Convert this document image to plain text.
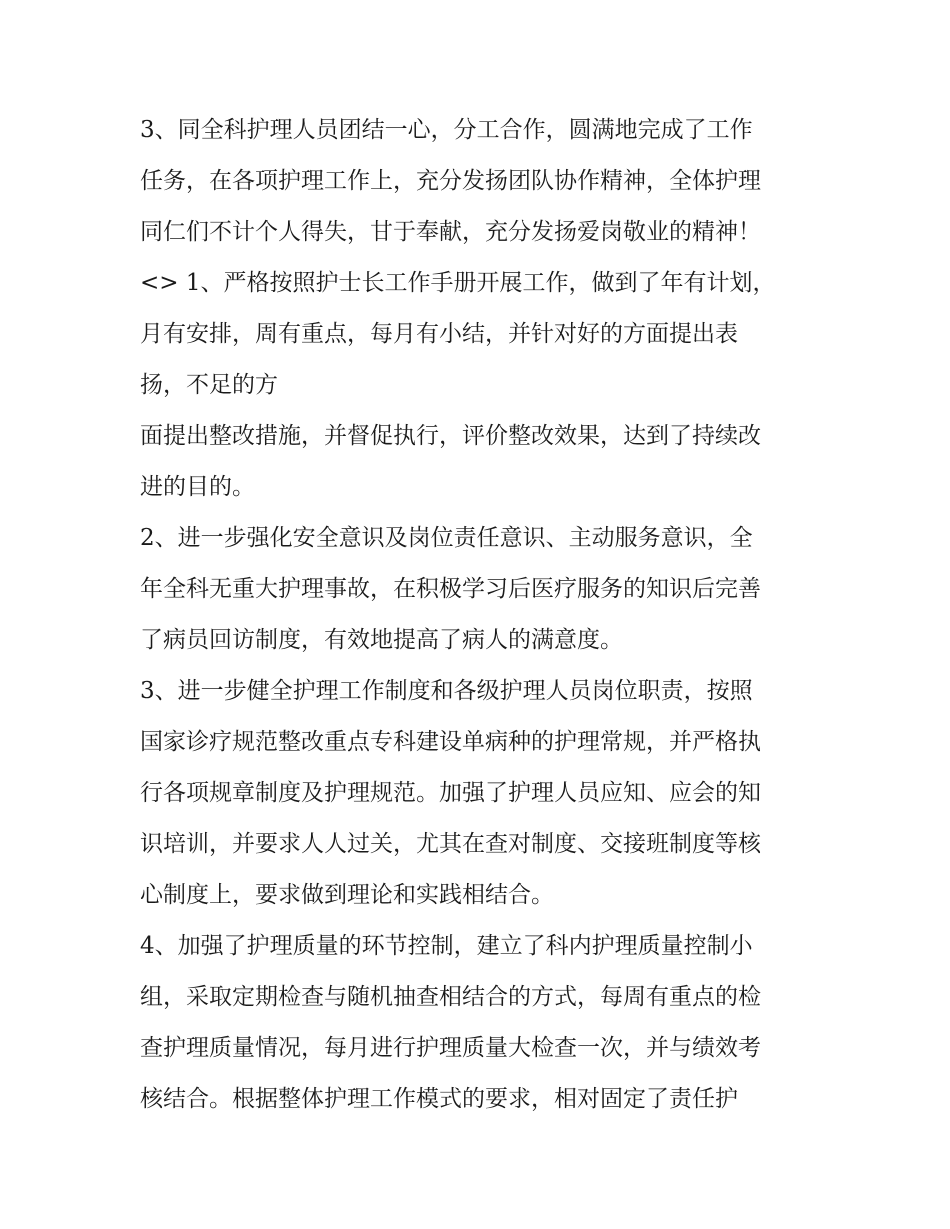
3、同全科护理人员团结一心，分工合作，圆满地完成了工作
任务，在各项护理工作上，充分发扬团队协作精神，全体护理
同仁们不计个人得失，甘于奉献，充分发扬爱岗敬业的精神！
<> 1、严格按照护士长工作手册开展工作，做到了年有计划，
月有安排，周有重点，每月有小结，并针对好的方面提出表
扬，不足的方
面提出整改措施，并督促执行，评价整改效果，达到了持续改
进的目的。
2、进一步强化安全意识及岗位责任意识、主动服务意识，全
年全科无重大护理事故，在积极学习后医疗服务的知识后完善
了病员回访制度，有效地提高了病人的满意度。
3、进一步健全护理工作制度和各级护理人员岗位职责，按照
国家诊疗规范整改重点专科建设单病种的护理常规，并严格执
行各项规章制度及护理规范。加强了护理人员应知、应会的知
识培训，并要求人人过关，尤其在查对制度、交接班制度等核
心制度上，要求做到理论和实践相结合。
4、加强了护理质量的环节控制，建立了科内护理质量控制小
组，采取定期检查与随机抽查相结合的方式，每周有重点的检
查护理质量情况，每月进行护理质量大检查一次，并与绩效考
核结合。根据整体护理工作模式的要求，相对固定了责任护
